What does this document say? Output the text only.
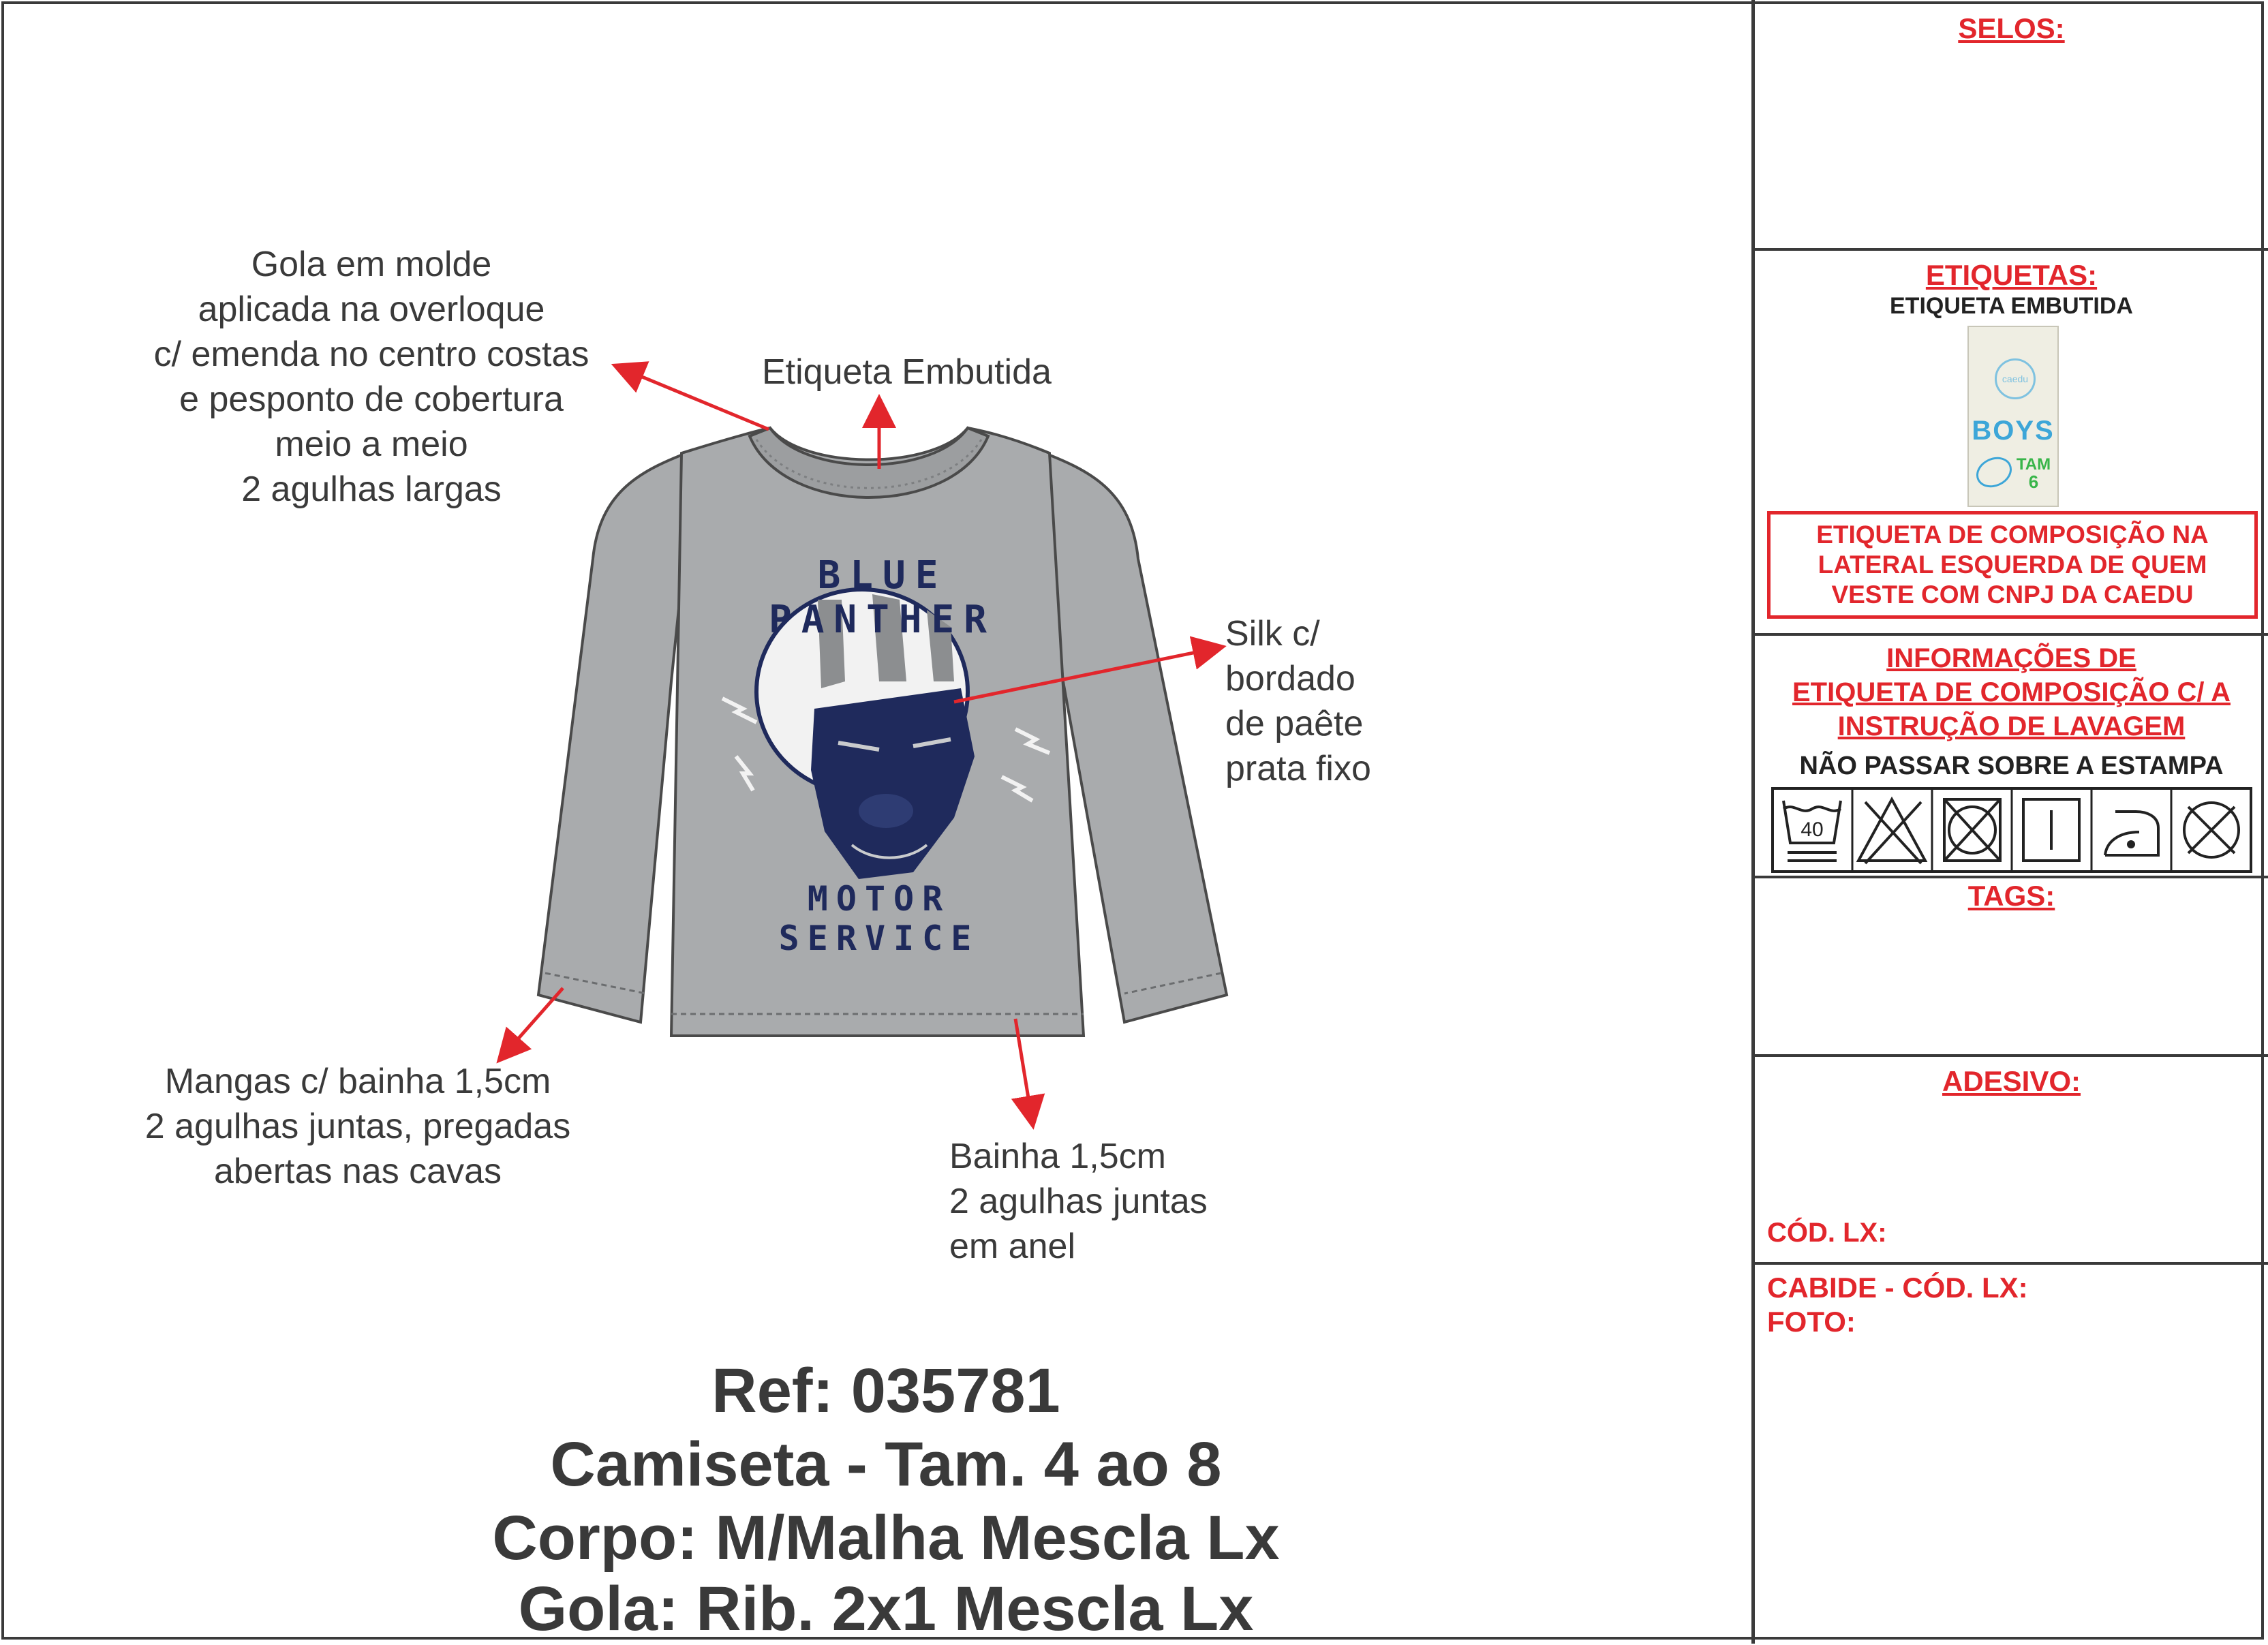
Gola em molde
aplicada na overloque
c/ emenda no centro costas
e pesponto de cobertura
meio a meio
2 agulhas largas
Etiqueta Embutida
Silk c/
bordado
de paête
prata fixo
Mangas c/ bainha 1,5cm
2 agulhas juntas, pregadas
abertas nas cavas	Bainha 1,5cm
2 agulhas juntas
em anel
BLUE PANTHER
MOTOR SERVICE
Ref: 035781
Camiseta - Tam. 4 ao 8
Corpo: M/Malha Mescla Lx
Gola: Rib. 2x1 Mescla Lx
SELOS:
ETIQUETAS:
ETIQUETA EMBUTIDA
caedu
BOYS
TAM
6
ETIQUETA DE COMPOSIÇÃO NA
LATERAL ESQUERDA DE QUEM
VESTE COM CNPJ DA CAEDU
INFORMAÇÕES DE
ETIQUETA DE COMPOSIÇÃO C/ A
INSTRUÇÃO DE LAVAGEM
NÃO PASSAR SOBRE A ESTAMPA
40
TAGS:
ADESIVO:
CÓD. LX:
CABIDE - CÓD. LX:
FOTO:
